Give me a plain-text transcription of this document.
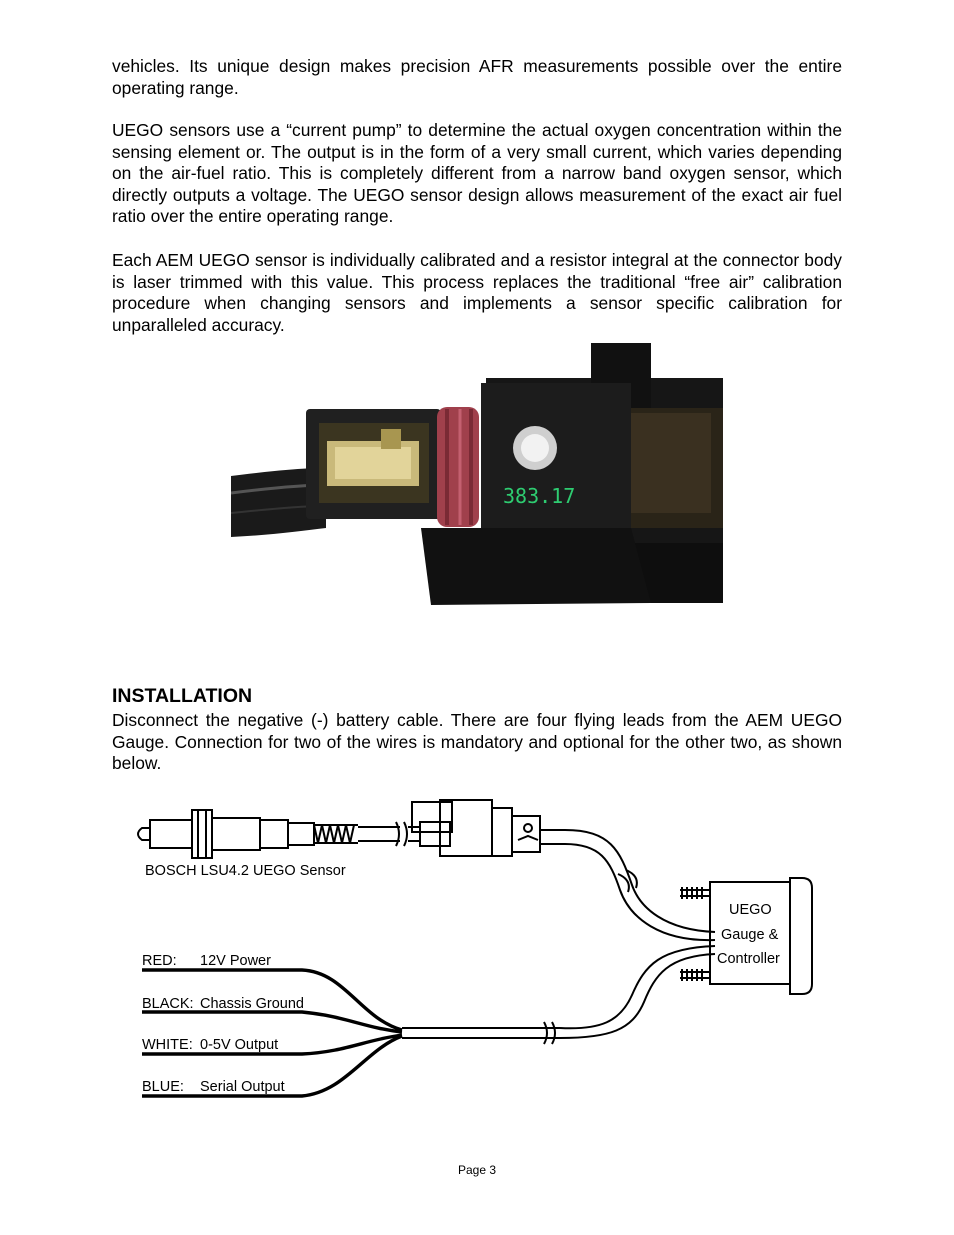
vehicles. Its unique design makes precision AFR measurements possible over the entire operating range.

UEGO sensors use a “current pump” to determine the actual oxygen concentration within the sensing element or. The output is in the form of a very small current, which varies depending on the air-fuel ratio. This is completely different from a narrow band oxygen sensor, which directly outputs a voltage. The UEGO sensor design allows measurement of the exact air fuel ratio over the entire operating range.

Each AEM UEGO sensor is individually calibrated and a resistor integral at the connector body is laser trimmed with this value. This process replaces the traditional “free air” calibration procedure when changing sensors and implements a sensor specific calibration for unparalleled accuracy.

383.17
INSTALLATION

Disconnect the negative (-) battery cable. There are four flying leads from the AEM UEGO Gauge. Connection for two of the wires is mandatory and optional for the other two, as shown below.

BOSCH LSU4.2 UEGO Sensor
UEGO
Gauge &
Controller
RED: 12V Power
BLACK: Chassis Ground
WHITE: 0-5V Output
BLUE: Serial Output
Page 3
